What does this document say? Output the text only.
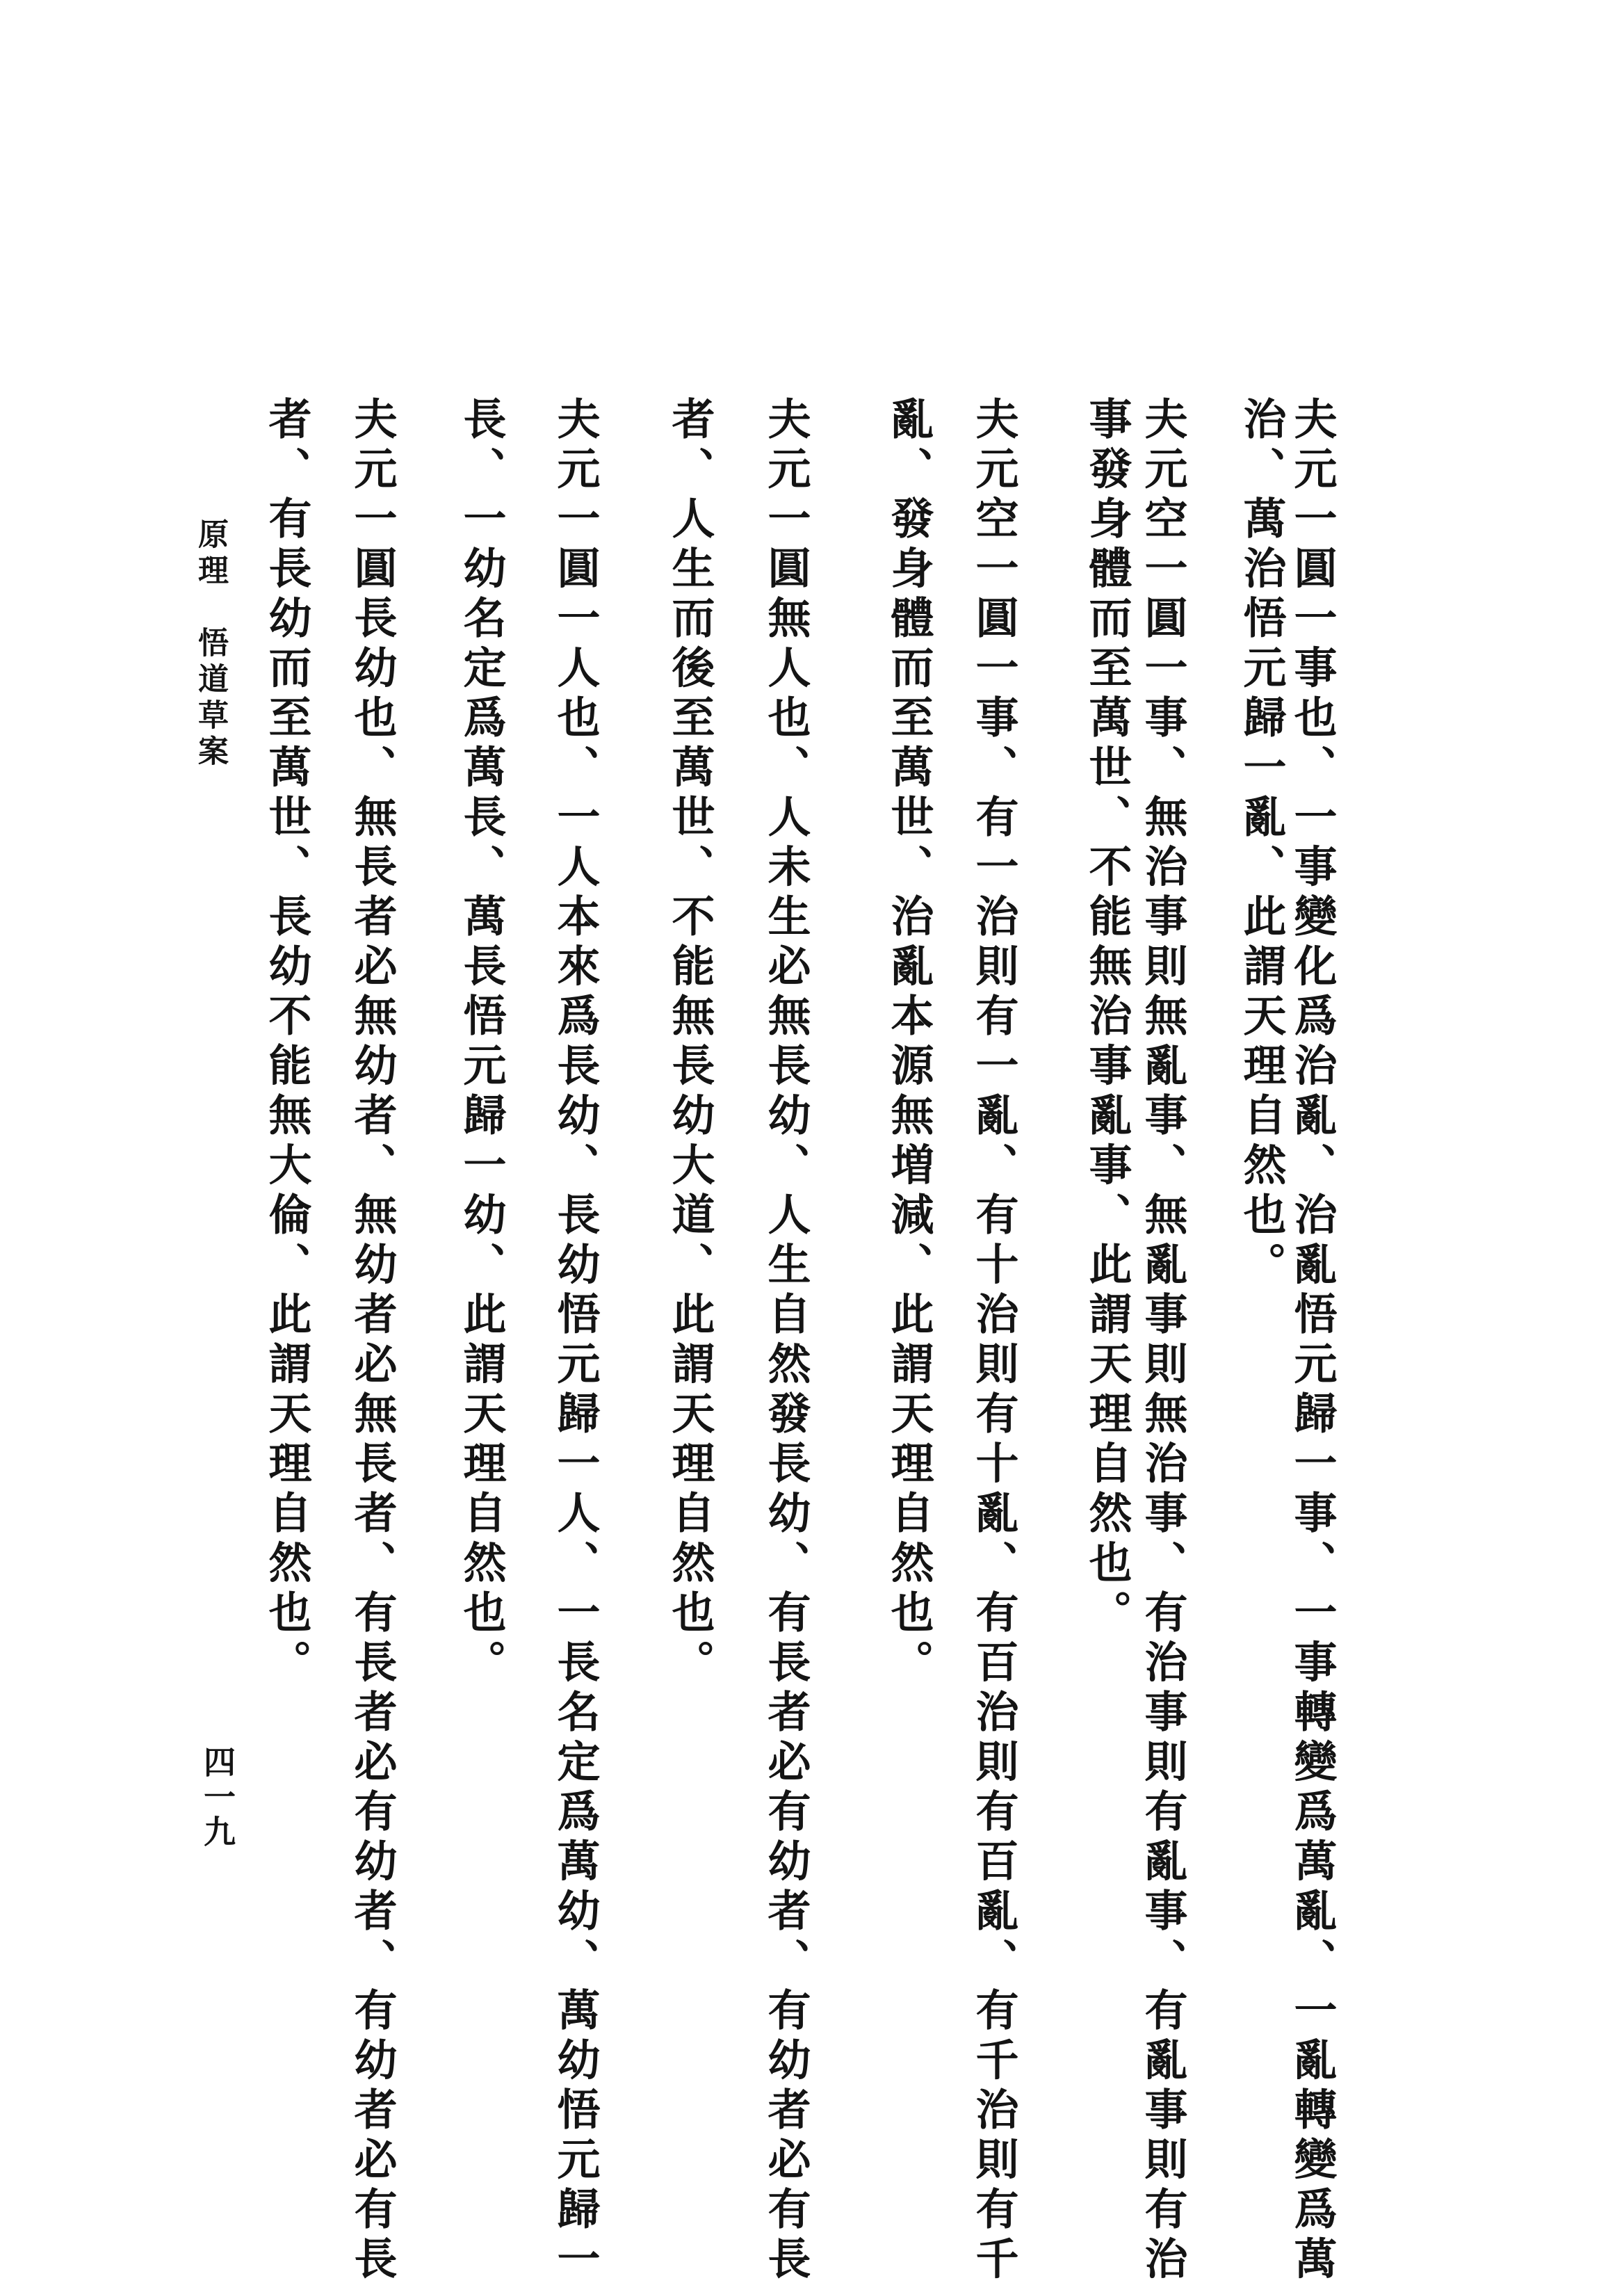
夫元一圓一事也、一事變化爲治亂、治亂悟元歸一事、一事轉變爲萬亂、一亂轉變爲萬
治、萬治悟元歸一亂、此謂天理自然也。
夫元空一圓一事、無治事則無亂事、無亂事則無治事、有治事則有亂事、有亂事則有治
事發身體而至萬世、不能無治事亂事、此謂天理自然也。
夫元空一圓一事、有一治則有一亂、有十治則有十亂、有百治則有百亂、有千治則有千
亂、發身體而至萬世、治亂本源無増減、此謂天理自然也。
夫元一圓無人也、人未生必無長幼、人生自然發長幼、有長者必有幼者、有幼者必有長
者、人生而後至萬世、不能無長幼大道、此謂天理自然也。
夫元一圓一人也、一人本來爲長幼、長幼悟元歸一人、一長名定爲萬幼、萬幼悟元歸一
長、一幼名定爲萬長、萬長悟元歸一幼、此謂天理自然也。
夫元一圓長幼也、無長者必無幼者、無幼者必無長者、有長者必有幼者、有幼者必有長
者、有長幼而至萬世、長幼不能無大倫、此謂天理自然也。
原理　悟道草案
四一九
